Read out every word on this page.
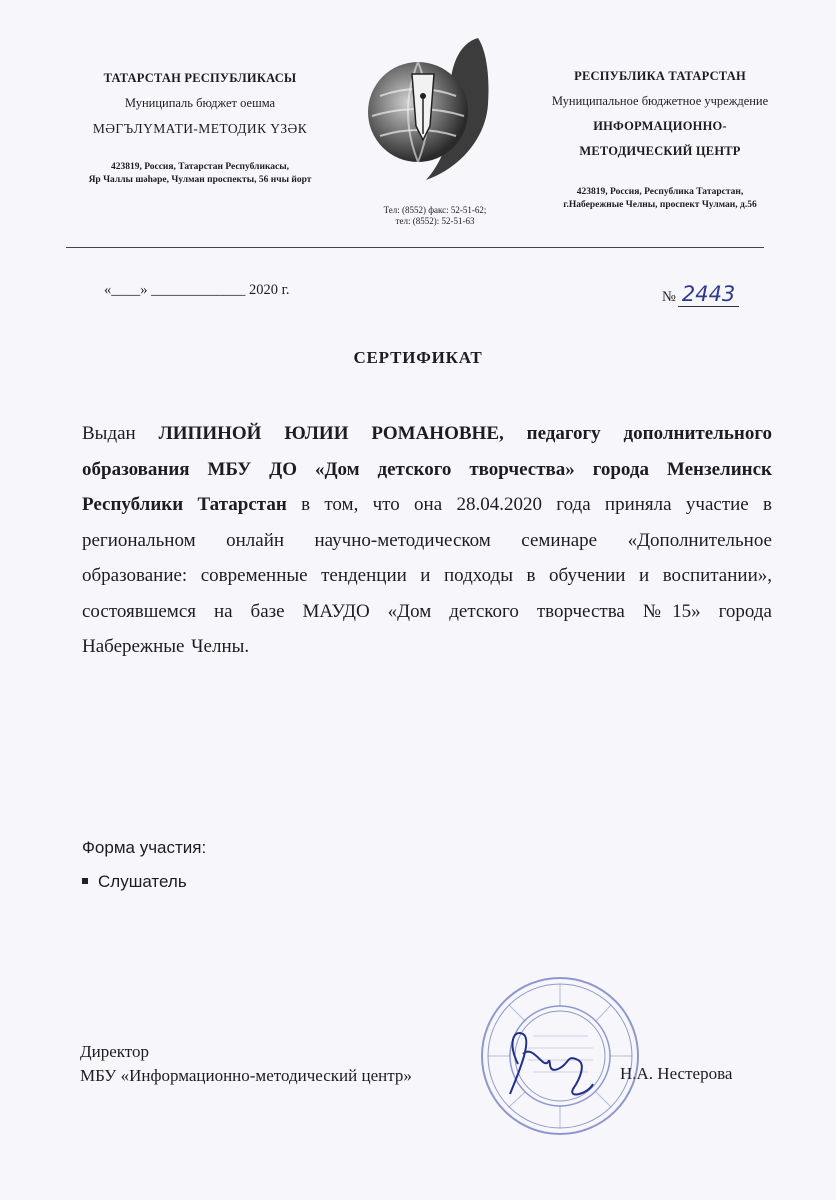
ТАТАРСТАН РЕСПУБЛИКАСЫ
Муниципаль бюджет оешма
МӘГЪЛҮМАТИ-МЕТОДИК ҮЗӘК
423819, Россия, Татарстан Республикасы,
Яр Чаллы шәһәре, Чулман проспекты, 56 нчы йорт
РЕСПУБЛИКА ТАТАРСТАН
Муниципальное бюджетное учреждение
ИНФОРМАЦИОННО-
МЕТОДИЧЕСКИЙ ЦЕНТР
423819, Россия, Республика Татарстан,
г.Набережные Челны, проспект Чулман, д.56
Тел: (8552) факс: 52-51-62;
тел: (8552): 52-51-63
«____» _____________ 2020 г.	№ 2443
СЕРТИФИКАТ
Выдан ЛИПИНОЙ ЮЛИИ РОМАНОВНЕ, педагогу дополнительного образования МБУ ДО «Дом детского творчества» города Мензелинск Республики Татарстан в том, что она 28.04.2020 года приняла участие в региональном онлайн научно-методическом семинаре «Дополнительное образование: современные тенденции и подходы в обучении и воспитании», состоявшемся на базе МАУДО «Дом детского творчества №15» города Набережные Челны.
Форма участия:
Слушатель
Директор
МБУ «Информационно-методический центр»	Н.А. Нестерова
